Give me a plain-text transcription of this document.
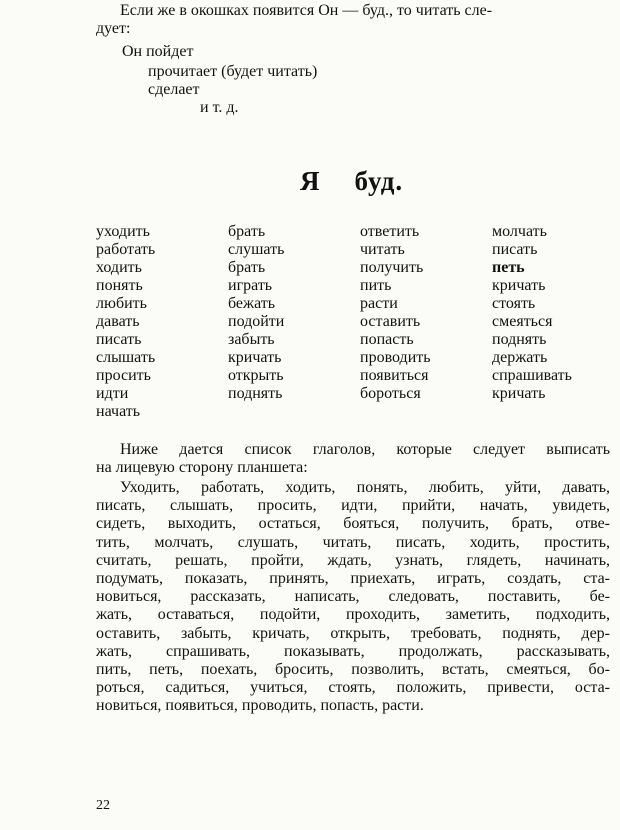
Если же в окошках появится Он — буд., то читать сле-
дует:
Он пойдет
прочитает (будет читать)
сделает
и т. д.
Я буд.
уходить
работать
ходить
понять
любить
давать
писать
слышать
просить
идти
начать
брать
слушать
брать
играть
бежать
подойти
забыть
кричать
открыть
поднять
ответить
читать
получить
пить
расти
оставить
попасть
проводить
появиться
бороться
молчать
писать
петь
кричать
стоять
смеяться
поднять
держать
спрашивать
кричать
Ниже дается список глаголов, которые следует выписать
на лицевую сторону планшета:
Уходить, работать, ходить, понять, любить, уйти, давать,
писать, слышать, просить, идти, прийти, начать, увидеть,
сидеть, выходить, остаться, бояться, получить, брать, отве-
тить, молчать, слушать, читать, писать, ходить, простить,
считать, решать, пройти, ждать, узнать, глядеть, начинать,
подумать, показать, принять, приехать, играть, создать, ста-
новиться, рассказать, написать, следовать, поставить, бе-
жать, оставаться, подойти, проходить, заметить, подходить,
оставить, забыть, кричать, открыть, требовать, поднять, дер-
жать, спрашивать, показывать, продолжать, рассказывать,
пить, петь, поехать, бросить, позволить, встать, смеяться, бо-
роться, садиться, учиться, стоять, положить, привести, оста-
новиться, появиться, проводить, попасть, расти.
22
